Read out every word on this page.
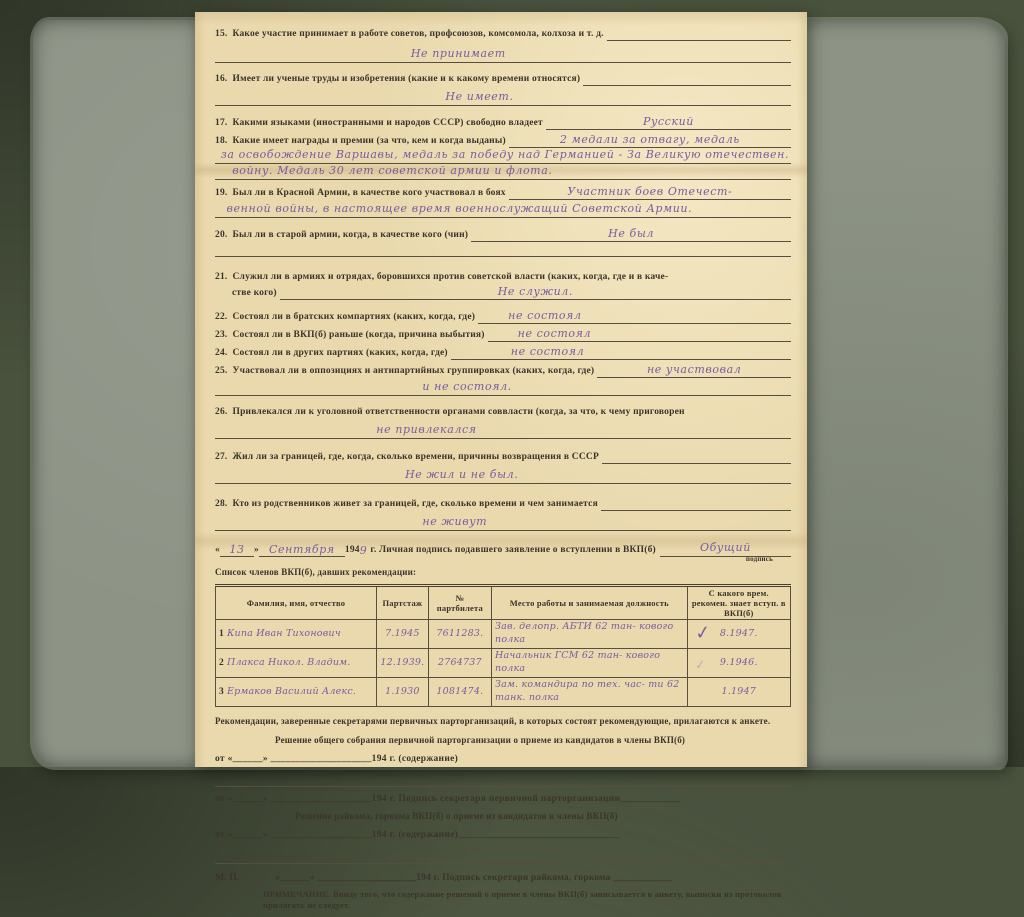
15. Какое участие принимает в работе советов, профсоюзов, комсомола, колхоза и т. д.
Не принимает
16. Имеет ли ученые труды и изобретения (какие и к какому времени относятся)
Не имеет.
17. Какими языками (иностранными и народов СССР) свободно владеет	Русский
18. Какие имеет награды и премии (за что, кем и когда выданы)	2 медали за отвагу, медаль
за освобождение Варшавы, медаль за победу над Германией - За Великую отечествен.
войну. Медаль 30 лет советской армии и флота.
19. Был ли в Красной Армии, в качестве кого участвовал в боях	Участник боев Отечест-
венной войны, в настоящее время военнослужащий Советской Армии.
20. Был ли в старой армии, когда, в качестве кого (чин)	Не был
21. Служил ли в армиях и отрядах, боровшихся против советской власти (каких, когда, где и в каче-
стве кого)	Не служил.
22. Состоял ли в братских компартиях (каких, когда, где)	не состоял
23. Состоял ли в ВКП(б) раньше (когда, причина выбытия)	не состоял
24. Состоял ли в других партиях (каких, когда, где)	не состоял
25. Участвовал ли в оппозициях и антипартийных группировках (каких, когда, где)	не участвовал
и не состоял.
26. Привлекался ли к уголовной ответственности органами соввласти (когда, за что, к чему приговорен
не привлекался
27. Жил ли за границей, где, когда, сколько времени, причины возвращения в СССР
Не жил и не был.
28. Кто из родственников живет за границей, где, сколько времени и чем занимается
не живут
« 13 » Сентября	194 9 г. Личная подпись подавшего заявление о вступлении в ВКП(б)	Обущий
подпись
Список членов ВКП(б), давших рекомендации:
Фамилия, имя, отчество	Партстаж	№ партбилета	Место работы и занимаемая должность	С какого врем. рекомен. знает вступ. в ВКП(б)
1 Кипа Иван Тихонович	7.1945	7611283.	Зав. делопр. АБТИ 62 тан- кового полка	8.1947.
2 Плакса Никол. Владим.	12.1939.	2764737	Начальник ГСМ 62 тан- кового полка	9.1946.
3 Ермаков Василий Алекс.	1.1930	1081474.	Зам. командира по тех. час- ти 62 танк. полка	1.1947
Рекомендации, заверенные секретарями первичных парторганизаций, в которых состоят рекомендующие, прилагаются к анкете.
Решение общего собрания первичной парторганизации о приеме из кандидатов в члены ВКП(б)
от «______» ____________________194 г. (содержание)
от «______» ____________________194 г. Подпись секретаря первичной парторганизации____________
Решение райкома, горкома ВКП(б) о приеме из кандидатов в члены ВКП(б)
от «______» ____________________194 г. (содержание)________________________________
М. П.	«______» ____________________194 г. Подпись секретаря райкома, горкома ____________
ПРИМЕЧАНИЕ. Ввиду того, что содержание решений о приеме в члены ВКП(б) записывается в анкету, выписки из протоколов прилагать не следует.
✓
✓
